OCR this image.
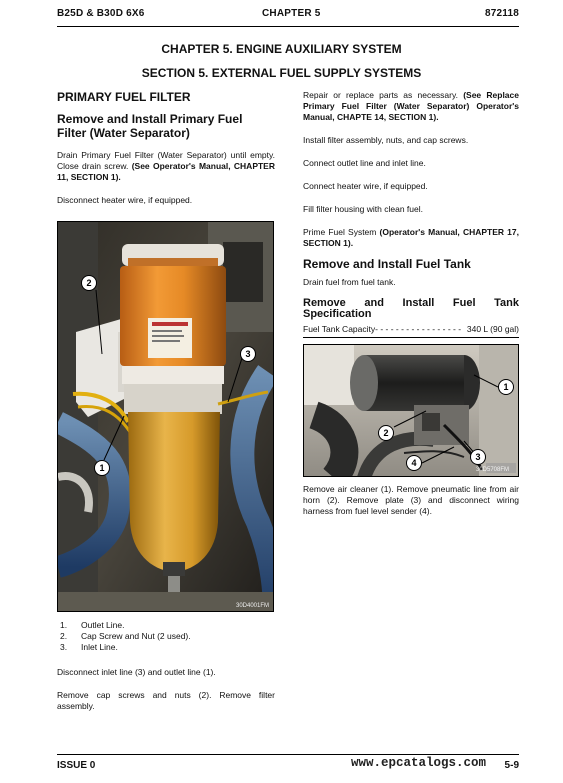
B25D & B30D 6X6	CHAPTER 5	872118
CHAPTER 5. ENGINE AUXILIARY SYSTEM
SECTION 5. EXTERNAL FUEL SUPPLY SYSTEMS
PRIMARY FUEL FILTER
Remove and Install Primary Fuel Filter (Water Separator)
Drain Primary Fuel Filter (Water Separator) until empty. Close drain screw. (See Operator's Manual, CHAPTER 11, SECTION 1).
Disconnect heater wire, if equipped.
30D4001FM
2
3
1
1.	Outlet Line.
2.	Cap Screw and Nut (2 used).
3.	Inlet Line.
Disconnect inlet line (3) and outlet line (1).
Remove cap screws and nuts (2). Remove filter assembly.
Repair or replace parts as necessary. (See Replace Primary Fuel Filter (Water Separator) Operator's Manual, CHAPTE 14, SECTION 1).
Install filter assembly, nuts, and cap screws.
Connect outlet line and inlet line.
Connect heater wire, if equipped.
Fill filter housing with clean fuel.
Prime Fuel System (Operator's Manual, CHAPTER 17, SECTION 1).
Remove and Install Fuel Tank
Drain fuel from fuel tank.
Remove and Install Fuel Tank
Specification
Fuel Tank Capacity- - - - - - - - - - - - - - - - - 340 L (90 gal)
30D5708FM
1
2
3
4
Remove air cleaner (1). Remove pneumatic line from air horn (2). Remove plate (3) and disconnect wiring harness from fuel level sender (4).
ISSUE 0	5-9
www.epcatalogs.com
